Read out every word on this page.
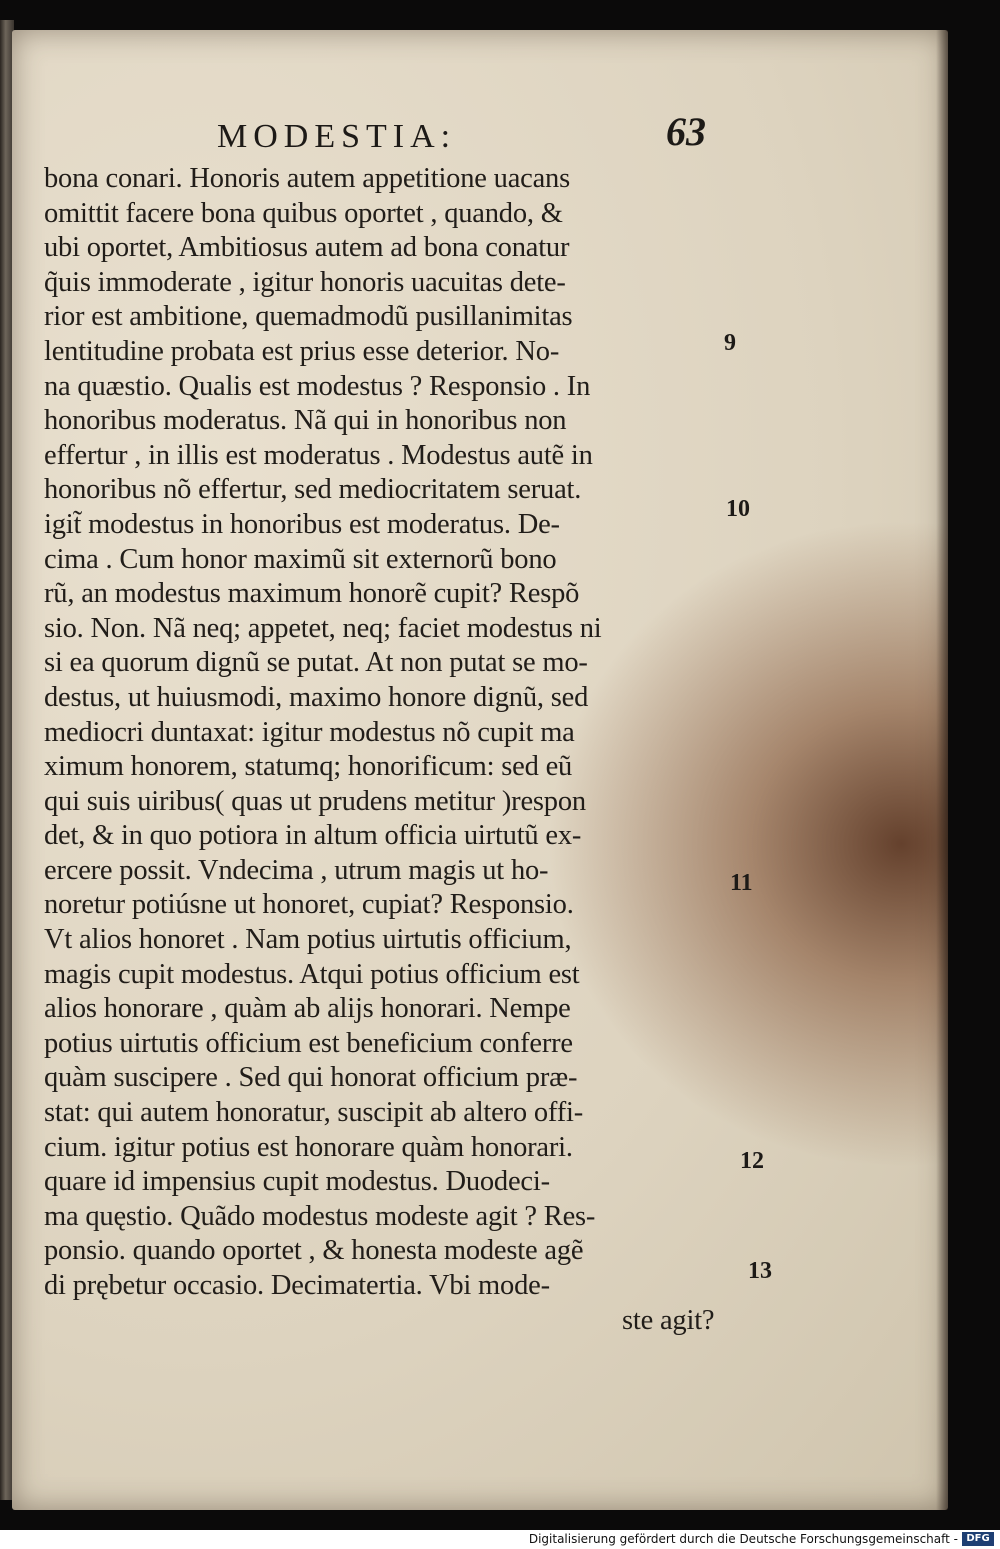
MODESTIA:	63
bona conari. Honoris autem appetitione uacans
omittit facere bona quibus oportet , quando, &
ubi oportet, Ambitiosus autem ad bona conatur
q̃uis immoderate , igitur honoris uacuitas dete-
rior est ambitione, quemadmodũ pusillanimitas
lentitudine probata est prius esse deterior. No-
na quæstio. Qualis est modestus ? Responsio . In
honoribus moderatus. Nã qui in honoribus non
effertur , in illis est moderatus . Modestus autẽ in
honoribus nõ effertur, sed mediocritatem seruat.
igit̃ modestus in honoribus est moderatus. De-
cima . Cum honor maximũ sit externorũ bono
rũ, an modestus maximum honorẽ cupit? Respõ
sio. Non. Nã neq; appetet, neq; faciet modestus ni
si ea quorum dignũ se putat. At non putat se mo-
destus, ut huiusmodi, maximo honore dignũ, sed
mediocri duntaxat: igitur modestus nõ cupit ma
ximum honorem, statumq; honorificum: sed eũ
qui suis uiribus( quas ut prudens metitur )respon
det, & in quo potiora in altum officia uirtutũ ex-
ercere possit. Vndecima , utrum magis ut ho-
noretur potiúsne ut honoret, cupiat? Responsio.
Vt alios honoret . Nam potius uirtutis officium,
magis cupit modestus. Atqui potius officium est
alios honorare , quàm ab aliјs honorari. Nempe
potius uirtutis officium est beneficium conferre
quàm suscipere . Sed qui honorat officium præ-
stat: qui autem honoratur, suscipit ab altero offi-
cium. igitur potius est honorare quàm honorari.
quare id impensius cupit modestus. Duodeci-
ma quęstio. Quãdo modestus modeste agit ? Res-
ponsio. quando oportet , & honesta modeste agẽ
di prębetur occasio. Decimatertia. Vbi mode-
ste agit?
9
10
11
12
13
Digitalisierung gefördert durch die Deutsche Forschungsgemeinschaft - DFG
